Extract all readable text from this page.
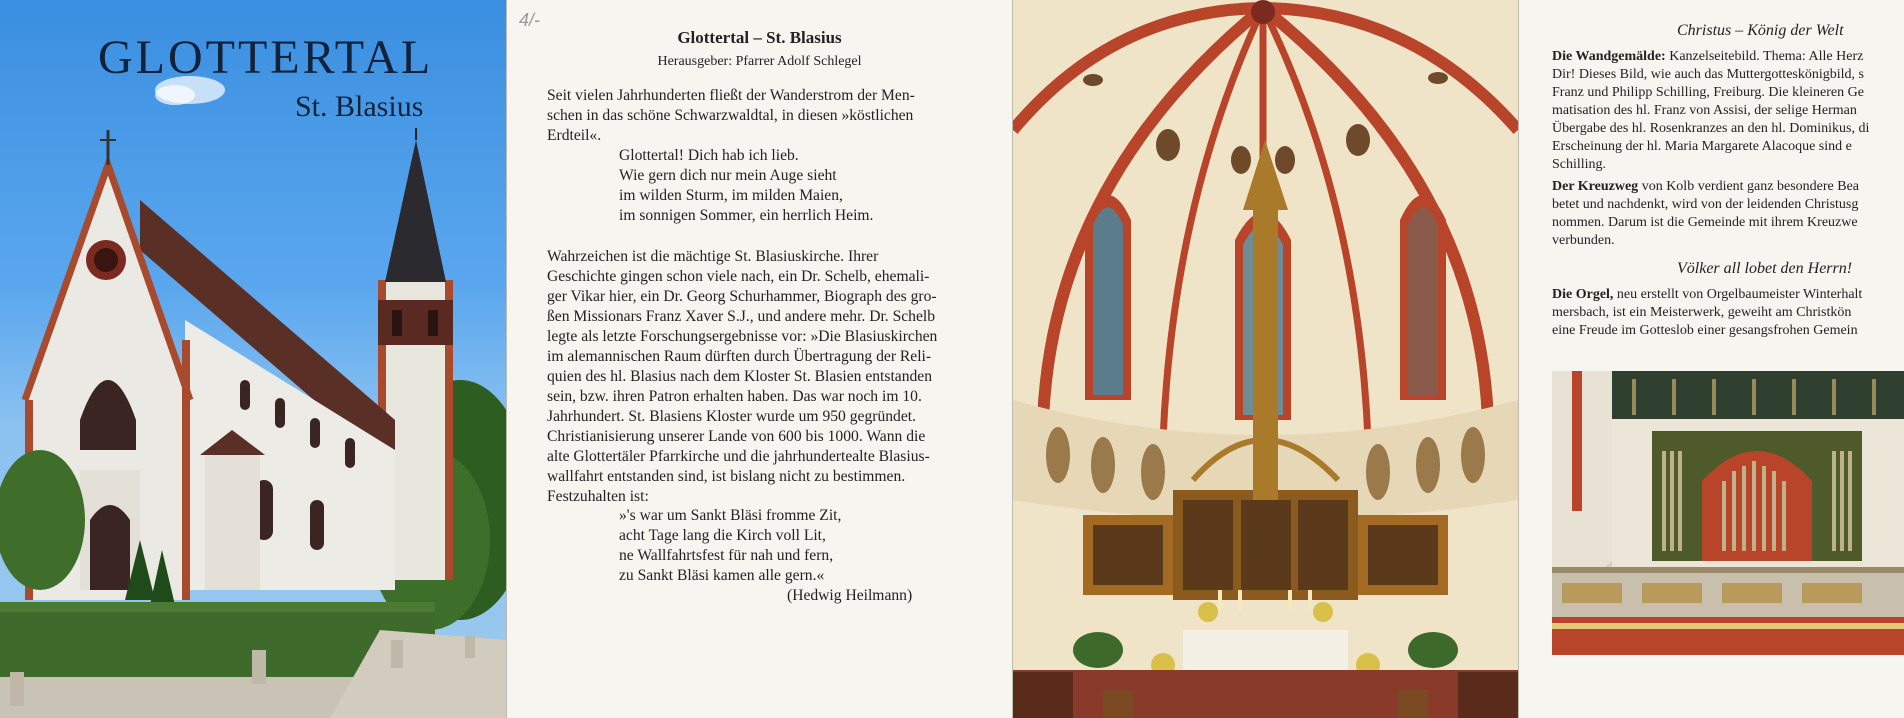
GLOTTERTAL
St. Blasius
4/-
Glottertal – St. Blasius
Herausgeber: Pfarrer Adolf Schlegel
Seit vielen Jahrhunderten fließt der Wanderstrom der Men-
schen in das schöne Schwarzwaldtal, in diesen »köstlichen
Erdteil«.
Glottertal! Dich hab ich lieb.
Wie gern dich nur mein Auge sieht
im wilden Sturm, im milden Maien,
im sonnigen Sommer, ein herrlich Heim.
Wahrzeichen ist die mächtige St. Blasiuskirche. Ihrer
Geschichte gingen schon viele nach, ein Dr. Schelb, ehemali-
ger Vikar hier, ein Dr. Georg Schurhammer, Biograph des gro-
ßen Missionars Franz Xaver S.J., und andere mehr. Dr. Schelb
legte als letzte Forschungsergebnisse vor: »Die Blasiuskirchen
im alemannischen Raum dürften durch Übertragung der Reli-
quien des hl. Blasius nach dem Kloster St. Blasien entstanden
sein, bzw. ihren Patron erhalten haben. Das war noch im 10.
Jahrhundert. St. Blasiens Kloster wurde um 950 gegründet.
Christianisierung unserer Lande von 600 bis 1000. Wann die
alte Glottertäler Pfarrkirche und die jahrhundertealte Blasius-
wallfahrt entstanden sind, ist bislang nicht zu bestimmen.
Festzuhalten ist:
»'s war um Sankt Bläsi fromme Zit,
acht Tage lang die Kirch voll Lit,
ne Wallfahrtsfest für nah und fern,
zu Sankt Bläsi kamen alle gern.«
(Hedwig Heilmann)
Christus – König der Welt
Die Wandgemälde: Kanzelseitebild. Thema: Alle Herz
Dir! Dieses Bild, wie auch das Muttergotteskönigbild, s
Franz und Philipp Schilling, Freiburg. Die kleineren Ge
matisation des hl. Franz von Assisi, der selige Herman
Übergabe des hl. Rosenkranzes an den hl. Dominikus, di
Erscheinung der hl. Maria Margarete Alacoque sind e
Schilling.
Der Kreuzweg von Kolb verdient ganz besondere Bea
betet und nachdenkt, wird von der leidenden Christusg
nommen. Darum ist die Gemeinde mit ihrem Kreuzwe
verbunden.
Völker all lobet den Herrn!
Die Orgel, neu erstellt von Orgelbaumeister Winterhalt
mersbach, ist ein Meisterwerk, geweiht am Christkön
eine Freude im Gotteslob einer gesangsfrohen Gemein
